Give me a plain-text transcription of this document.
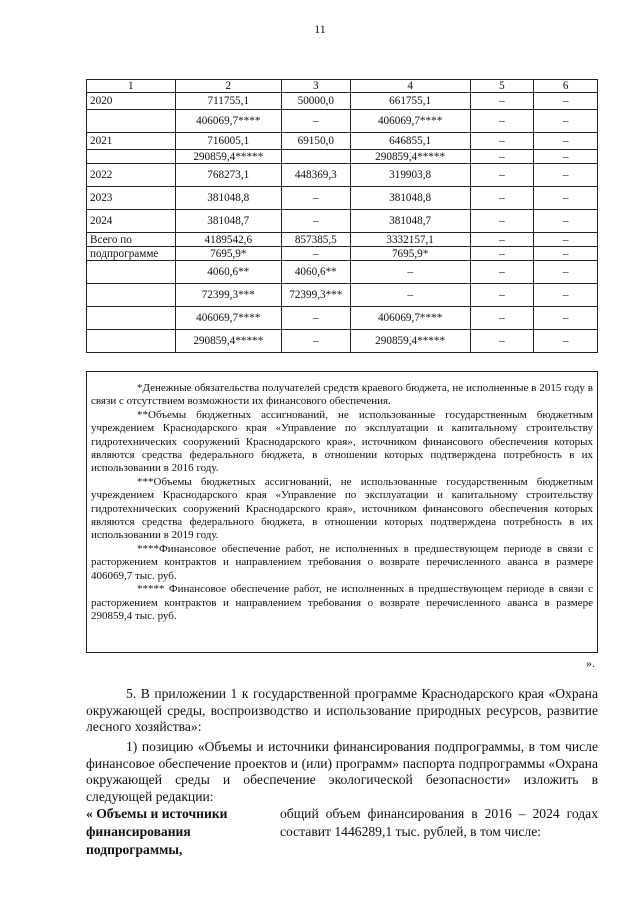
11
1	2	3	4	5	6
2020	711755,1	50000,0	661755,1	–	–
	406069,7****	–	406069,7****	–	–
2021	716005,1	69150,0	646855,1	–	–
	290859,4*****		290859,4*****	–	–
2022	768273,1	448369,3	319903,8	–	–
2023	381048,8	–	381048,8	–	–
2024	381048,7	–	381048,7	–	–
Всего по	4189542,6	857385,5	3332157,1	–	–
подпрограмме	7695,9*	–	7695,9*	–	–
	4060,6**	4060,6**	–	–	–
	72399,3***	72399,3***	–	–	–
	406069,7****	–	406069,7****	–	–
	290859,4*****	–	290859,4*****	–	–

*Денежные обязательства получателей средств краевого бюджета, не исполненные в 2015 году в связи с отсутствием возможности их финансового обеспечения.

**Объемы бюджетных ассигнований, не использованные государственным бюджетным учреждением Краснодарского края «Управление по эксплуатации и капитальному строительству гидротехнических сооружений Краснодарского края», источником финансового обеспечения которых являются средства федерального бюджета, в отношении которых подтверждена потребность в их использовании в 2016 году.

***Объемы бюджетных ассигнований, не использованные государственным бюджетным учреждением Краснодарского края «Управление по эксплуатации и капитальному строительству гидротехнических сооружений Краснодарского края», источником финансового обеспечения которых являются средства федерального бюджета, в отношении которых подтверждена потребность в их использовании в 2019 году.

****Финансовое обеспечение работ, не исполненных в предшествующем периоде в связи с расторжением контрактов и направлением требования о возврате перечисленного аванса в размере 406069,7 тыс. руб.

***** Финансовое обеспечение работ, не исполненных в предшествующем периоде в связи с расторжением контрактов и направлением требования о возврате перечисленного аванса в размере 290859,4 тыс. руб.

».

5. В приложении 1 к государственной программе Краснодарского края «Охрана окружающей среды, воспроизводство и использование природных ресурсов, развитие лесного хозяйства»:

1) позицию «Объемы и источники финансирования подпрограммы, в том числе финансовое обеспечение проектов и (или) программ» паспорта подпрограммы «Охрана окружающей среды и обеспечение экологической безопасности» изложить в следующей редакции:

« Объемы и источники финансирования подпрограммы,
общий объем финансирования в 2016 – 2024 годах составит 1446289,1 тыс. рублей, в том числе:
